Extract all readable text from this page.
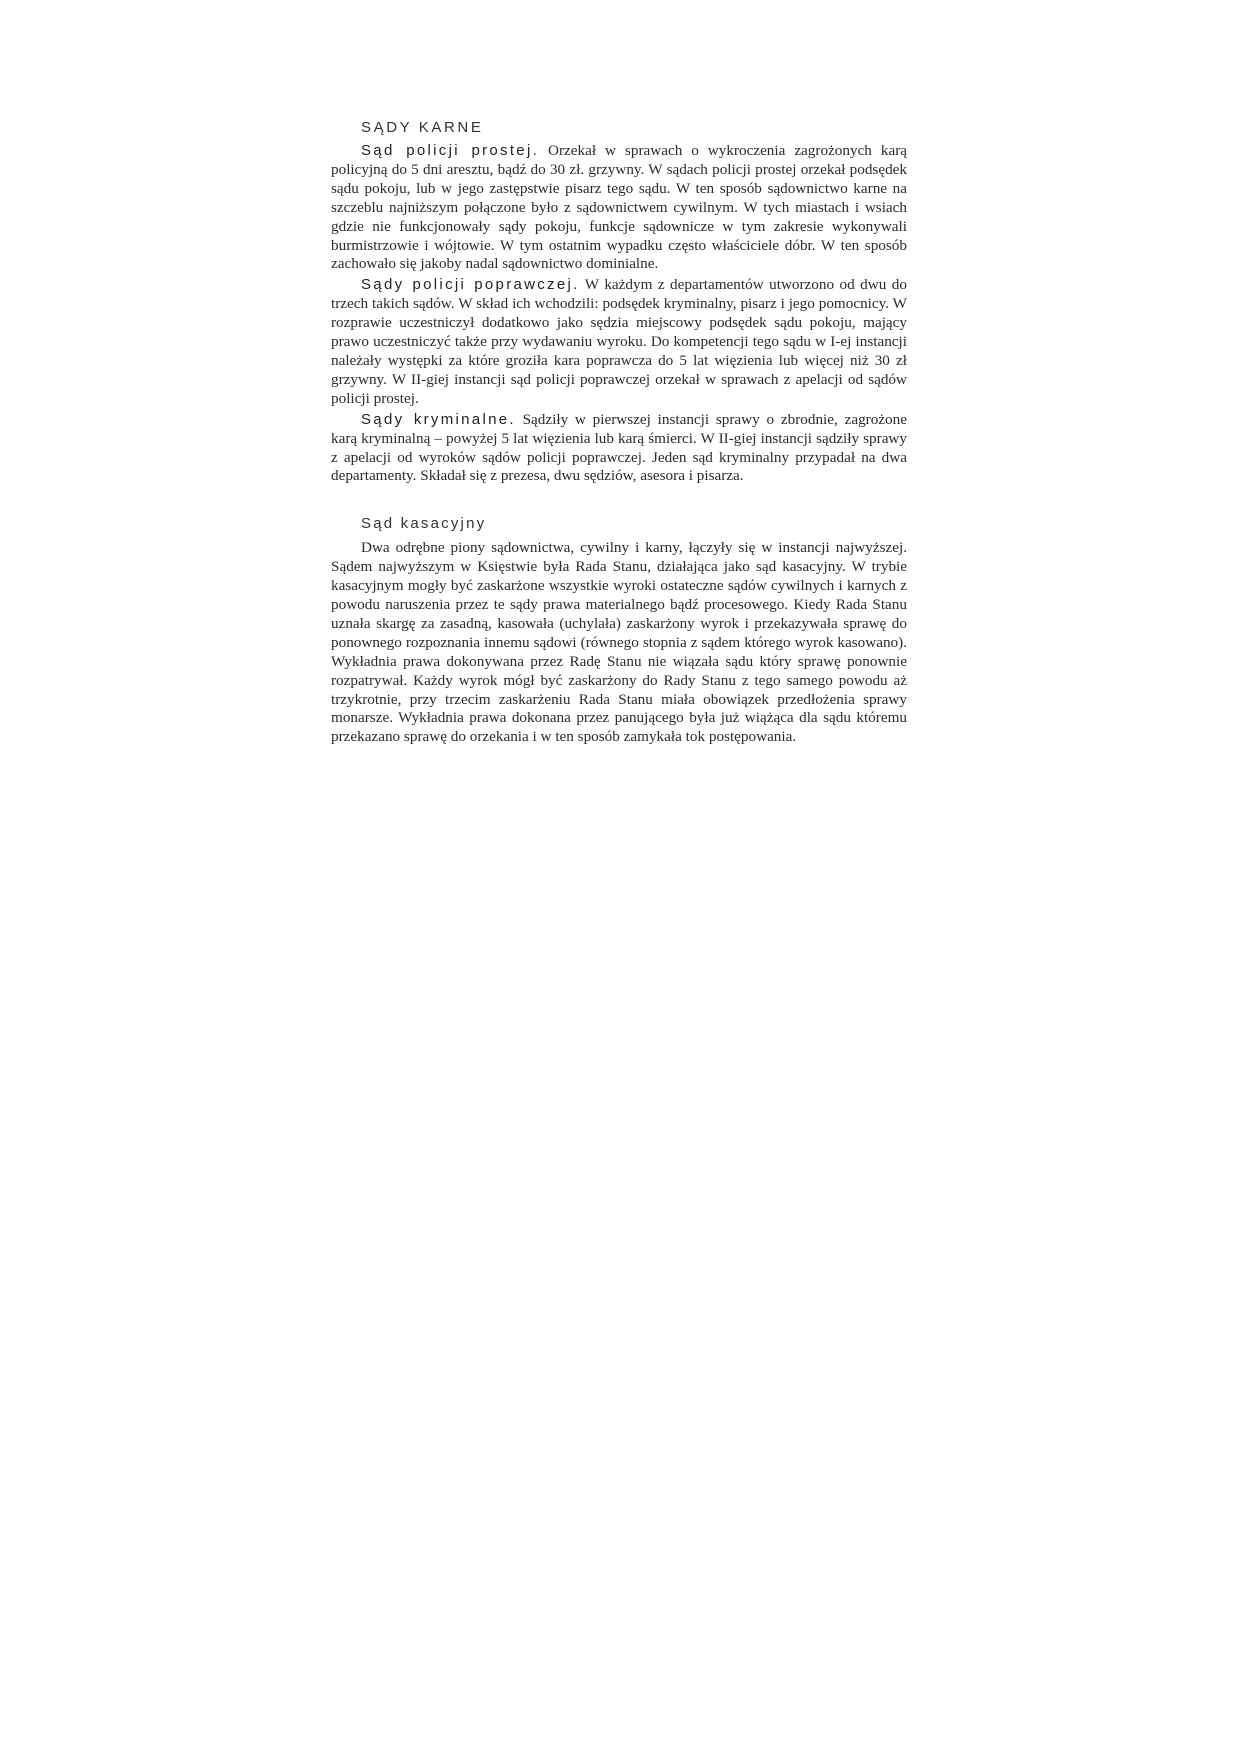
SĄDY KARNE

Sąd policji prostej. Orzekał w sprawach o wykroczenia zagrożonych karą policyjną do 5 dni aresztu, bądź do 30 zł. grzywny. W sądach policji prostej orzekał podsędek sądu pokoju, lub w jego zastępstwie pisarz tego sądu. W ten sposób sądownictwo karne na szczeblu najniższym połączone było z sądownictwem cywilnym. W tych miastach i wsiach gdzie nie funkcjonowały sądy pokoju, funkcje sądownicze w tym zakresie wykonywali burmistrzowie i wójtowie. W tym ostatnim wypadku często właściciele dóbr. W ten sposób zachowało się jakoby nadal sądownictwo dominialne.

Sądy policji poprawczej. W każdym z departamentów utworzono od dwu do trzech takich sądów. W skład ich wchodzili: podsędek kryminalny, pisarz i jego pomocnicy. W rozprawie uczestniczył dodatkowo jako sędzia miejscowy podsędek sądu pokoju, mający prawo uczestniczyć także przy wydawaniu wyroku. Do kompetencji tego sądu w I-ej instancji należały występki za które groziła kara poprawcza do 5 lat więzienia lub więcej niż 30 zł grzywny. W II-giej instancji sąd policji poprawczej orzekał w sprawach z apelacji od sądów policji prostej.

Sądy kryminalne. Sądziły w pierwszej instancji sprawy o zbrodnie, zagrożone karą kryminalną – powyżej 5 lat więzienia lub karą śmierci. W II-giej instancji sądziły sprawy z apelacji od wyroków sądów policji poprawczej. Jeden sąd kryminalny przypadał na dwa departamenty. Składał się z prezesa, dwu sędziów, asesora i pisarza.

Sąd kasacyjny

Dwa odrębne piony sądownictwa, cywilny i karny, łączyły się w instancji najwyższej. Sądem najwyższym w Księstwie była Rada Stanu, działająca jako sąd kasacyjny. W trybie kasacyjnym mogły być zaskarżone wszystkie wyroki ostateczne sądów cywilnych i karnych z powodu naruszenia przez te sądy prawa materialnego bądź procesowego. Kiedy Rada Stanu uznała skargę za zasadną, kasowała (uchylała) zaskarżony wyrok i przekazywała sprawę do ponownego rozpoznania innemu sądowi (równego stopnia z sądem którego wyrok kasowano). Wykładnia prawa dokonywana przez Radę Stanu nie wiązała sądu który sprawę ponownie rozpatrywał. Każdy wyrok mógł być zaskarżony do Rady Stanu z tego samego powodu aż trzykrotnie, przy trzecim zaskarżeniu Rada Stanu miała obowiązek przedłożenia sprawy monarsze. Wykładnia prawa dokonana przez panującego była już wiążąca dla sądu któremu przekazano sprawę do orzekania i w ten sposób zamykała tok postępowania.
